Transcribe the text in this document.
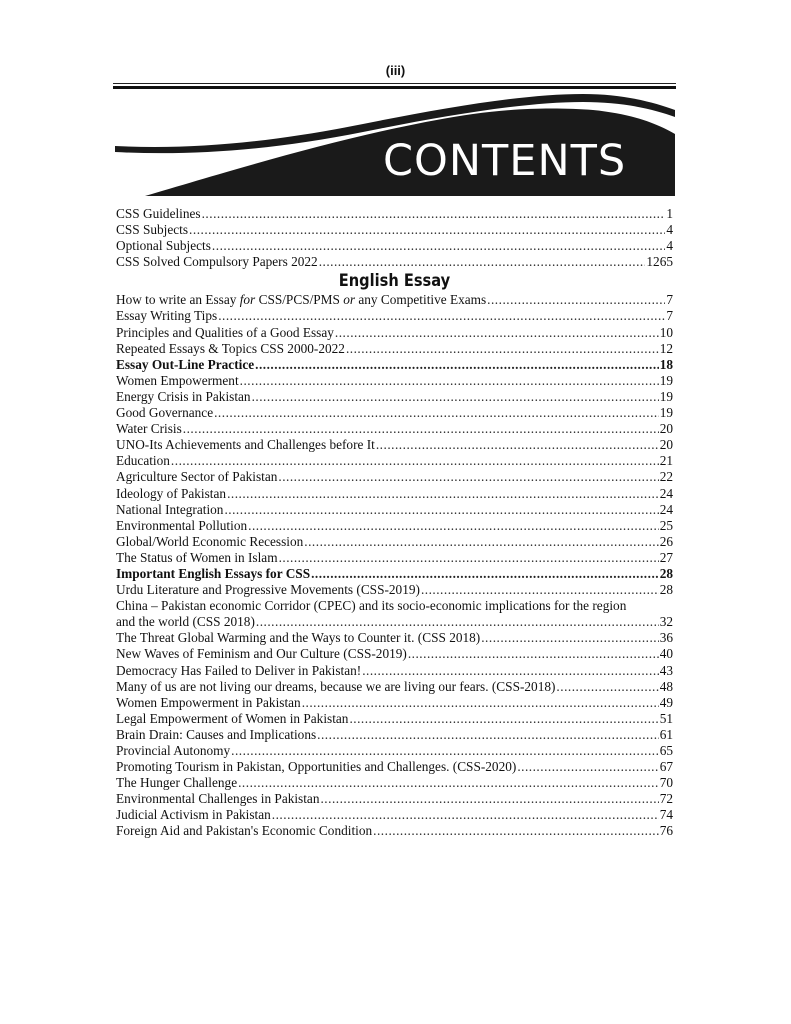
(iii)
CONTENTS
CSS Guidelines .....	1
CSS Subjects .....	4
Optional Subjects .....	4
CSS Solved Compulsory Papers 2022 .....	1265
English Essay
How to write an Essay for CSS/PCS/PMS or any Competitive Exams .....	7
Essay Writing Tips .....	7
Principles and Qualities of a Good Essay .....	10
Repeated Essays & Topics CSS 2000-2022 .....	12
Essay Out-Line Practice .....	18
Women Empowerment .....	19
Energy Crisis in Pakistan .....	19
Good Governance .....	19
Water Crisis .....	20
UNO-Its Achievements and Challenges before It .....	20
Education .....	21
Agriculture Sector of Pakistan .....	22
Ideology of Pakistan .....	24
National Integration .....	24
Environmental Pollution .....	25
Global/World Economic Recession .....	26
The Status of Women in Islam .....	27
Important English Essays for CSS .....	28
Urdu Literature and Progressive Movements (CSS-2019) .....	28
China – Pakistan economic Corridor (CPEC) and its socio-economic implications for the region
and the world (CSS 2018) .....	32
The Threat Global Warming and the Ways to Counter it. (CSS 2018) .....	36
New Waves of Feminism and Our Culture (CSS-2019) .....	40
Democracy Has Failed to Deliver in Pakistan! .....	43
Many of us are not living our dreams, because we are living our fears. (CSS-2018) .....	48
Women Empowerment in Pakistan .....	49
Legal Empowerment of Women in Pakistan .....	51
Brain Drain: Causes and Implications .....	61
Provincial Autonomy .....	65
Promoting Tourism in Pakistan, Opportunities and Challenges. (CSS-2020) .....	67
The Hunger Challenge .....	70
Environmental Challenges in Pakistan .....	72
Judicial Activism in Pakistan .....	74
Foreign Aid and Pakistan's Economic Condition .....	76
